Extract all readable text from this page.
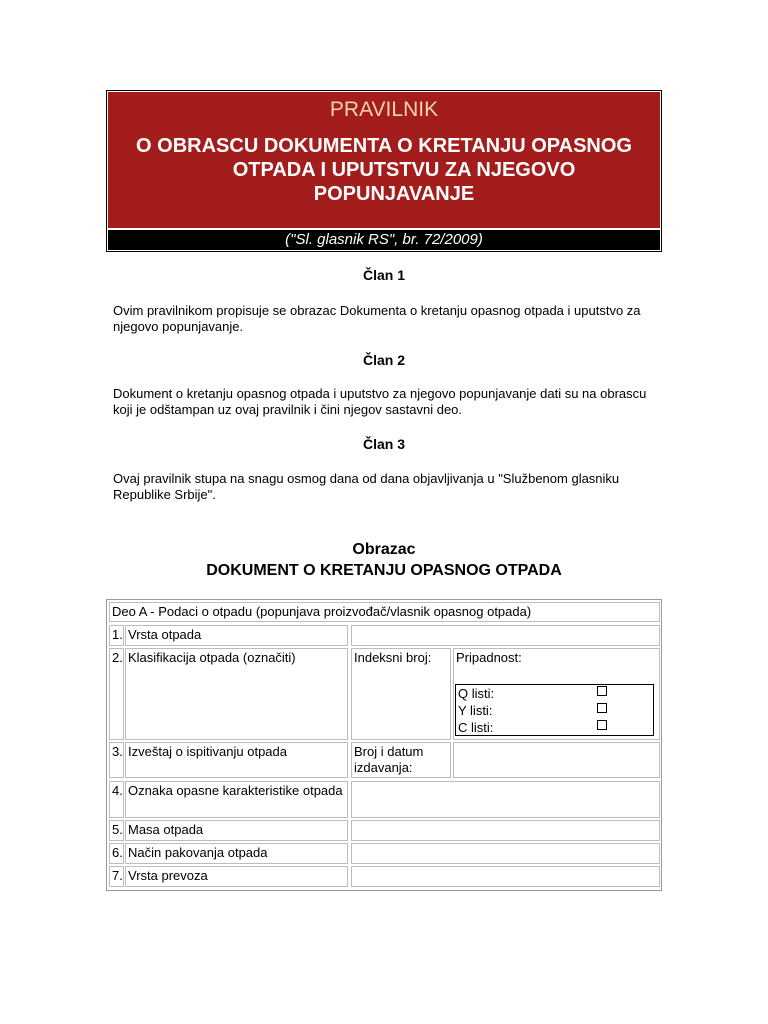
PRAVILNIK
O OBRASCU DOKUMENTA O KRETANJU OPASNOG
OTPADA I UPUTSTVU ZA NJEGOVO
POPUNJAVANJE
("Sl. glasnik RS", br. 72/2009)
Član 1
Ovim pravilnikom propisuje se obrazac Dokumenta o kretanju opasnog otpada i uputstvo za njegovo popunjavanje.
Član 2
Dokument o kretanju opasnog otpada i uputstvo za njegovo popunjavanje dati su na obrascu koji je odštampan uz ovaj pravilnik i čini njegov sastavni deo.
Član 3
Ovaj pravilnik stupa na snagu osmog dana od dana objavljivanja u "Službenom glasniku Republike Srbije".
Obrazac
DOKUMENT O KRETANJU OPASNOG OTPADA
Deo A - Podaci o otpadu (popunjava proizvođač/vlasnik opasnog otpada)
1. Vrsta otpada
2. Klasifikacija otpada (označiti)	Indeksni broj:	Pripadnost:
Q listi:
Y listi:
C listi:
3. Izveštaj o ispitivanju otpada	Broj i datum izdavanja:
4. Oznaka opasne karakteristike otpada
5. Masa otpada
6. Način pakovanja otpada
7. Vrsta prevoza
